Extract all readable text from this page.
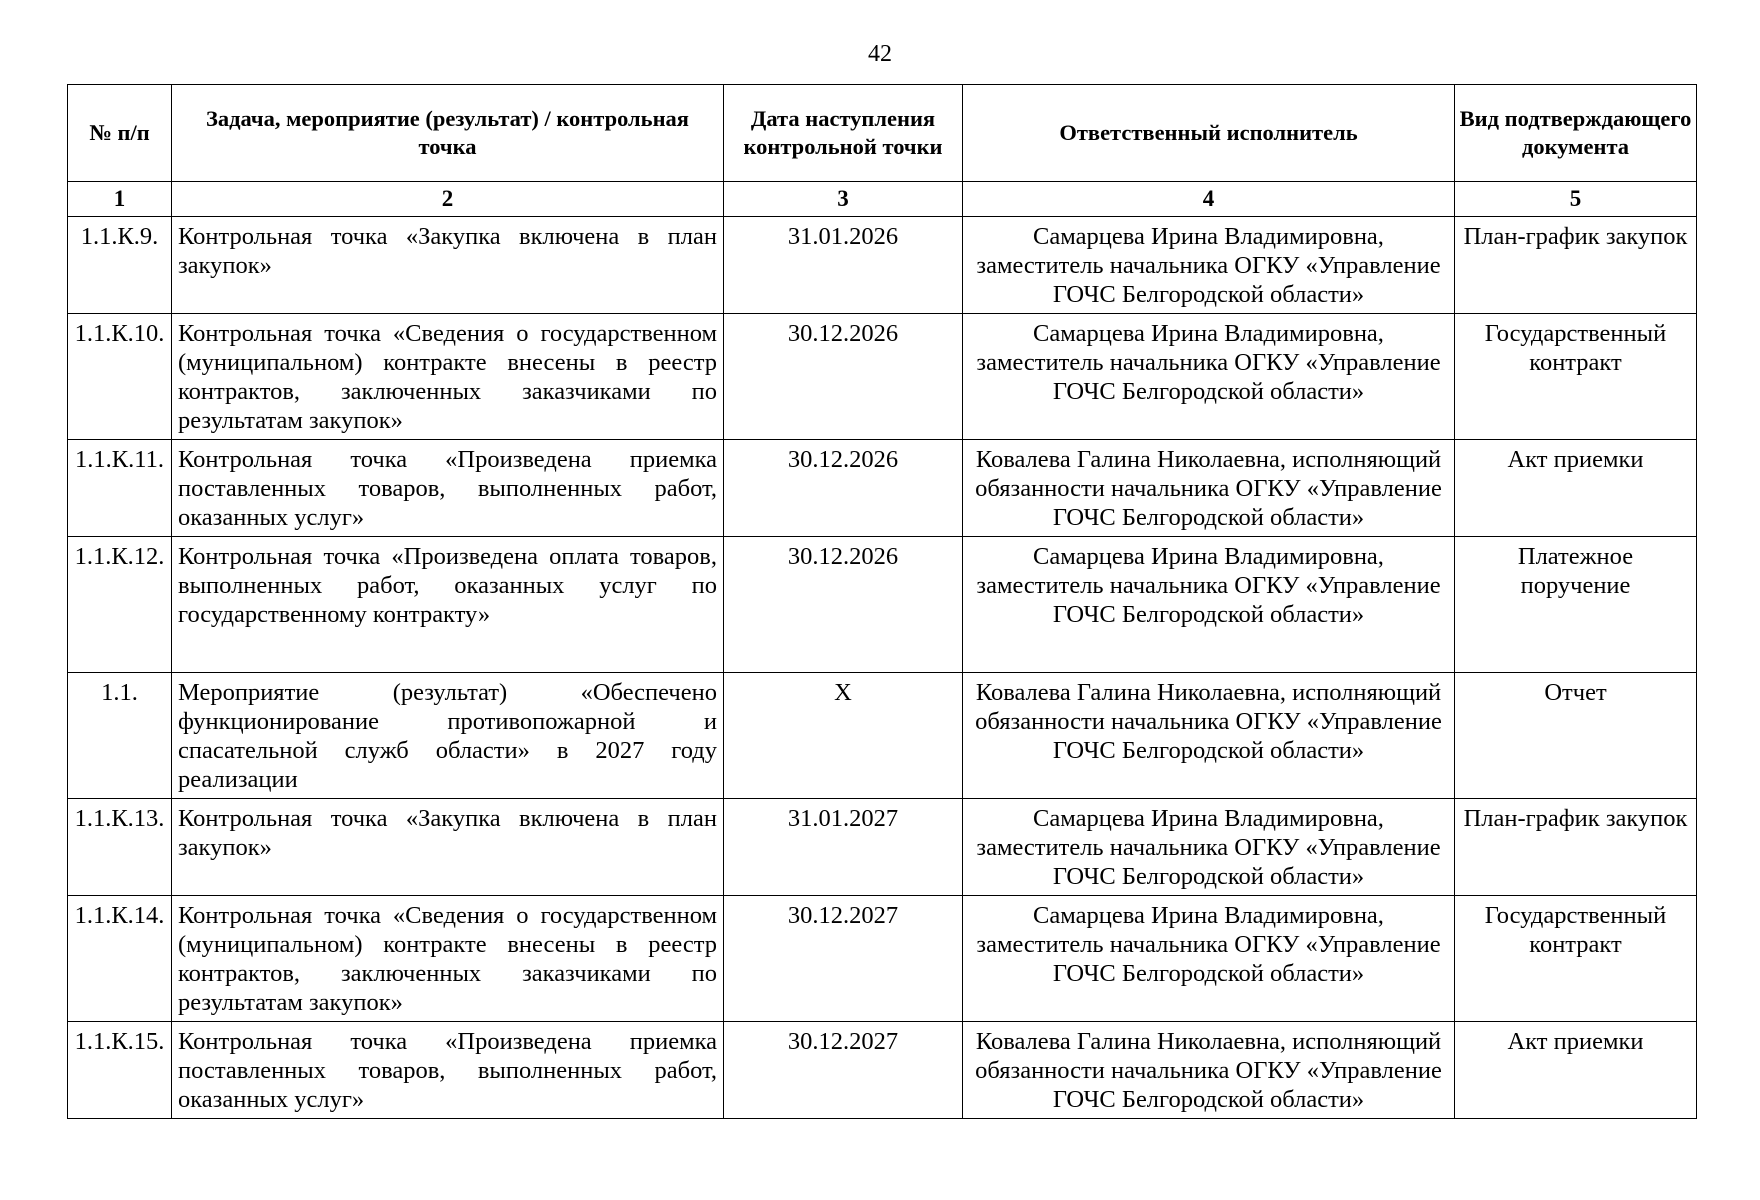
42
№ п/п	Задача, мероприятие (результат) / контрольная точка	Дата наступления контрольной точки	Ответственный исполнитель	Вид подтверждающего документа
1	2	3	4	5
1.1.К.9.	Контрольная точка «Закупка включена в план закупок»	31.01.2026	Самарцева Ирина Владимировна, заместитель начальника ОГКУ «Управление ГОЧС Белгородской области»	План-график закупок
1.1.К.10.	Контрольная точка «Сведения о государственном (муниципальном) контракте внесены в реестр контрактов, заключенных заказчиками по результатам закупок»	30.12.2026	Самарцева Ирина Владимировна, заместитель начальника ОГКУ «Управление ГОЧС Белгородской области»	Государственный контракт
1.1.К.11.	Контрольная точка «Произведена приемка поставленных товаров, выполненных работ, оказанных услуг»	30.12.2026	Ковалева Галина Николаевна, исполняющий обязанности начальника ОГКУ «Управление ГОЧС Белгородской области»	Акт приемки
1.1.К.12.	Контрольная точка «Произведена оплата товаров, выполненных работ, оказанных услуг по государственному контракту»	30.12.2026	Самарцева Ирина Владимировна, заместитель начальника ОГКУ «Управление ГОЧС Белгородской области»	Платежное поручение
1.1.	Мероприятие (результат) «Обеспечено функционирование противопожарной и спасательной служб области» в 2027 году реализации	Х	Ковалева Галина Николаевна, исполняющий обязанности начальника ОГКУ «Управление ГОЧС Белгородской области»	Отчет
1.1.К.13.	Контрольная точка «Закупка включена в план закупок»	31.01.2027	Самарцева Ирина Владимировна, заместитель начальника ОГКУ «Управление ГОЧС Белгородской области»	План-график закупок
1.1.К.14.	Контрольная точка «Сведения о государственном (муниципальном) контракте внесены в реестр контрактов, заключенных заказчиками по результатам закупок»	30.12.2027	Самарцева Ирина Владимировна, заместитель начальника ОГКУ «Управление ГОЧС Белгородской области»	Государственный контракт
1.1.К.15.	Контрольная точка «Произведена приемка поставленных товаров, выполненных работ, оказанных услуг»	30.12.2027	Ковалева Галина Николаевна, исполняющий обязанности начальника ОГКУ «Управление ГОЧС Белгородской области»	Акт приемки
